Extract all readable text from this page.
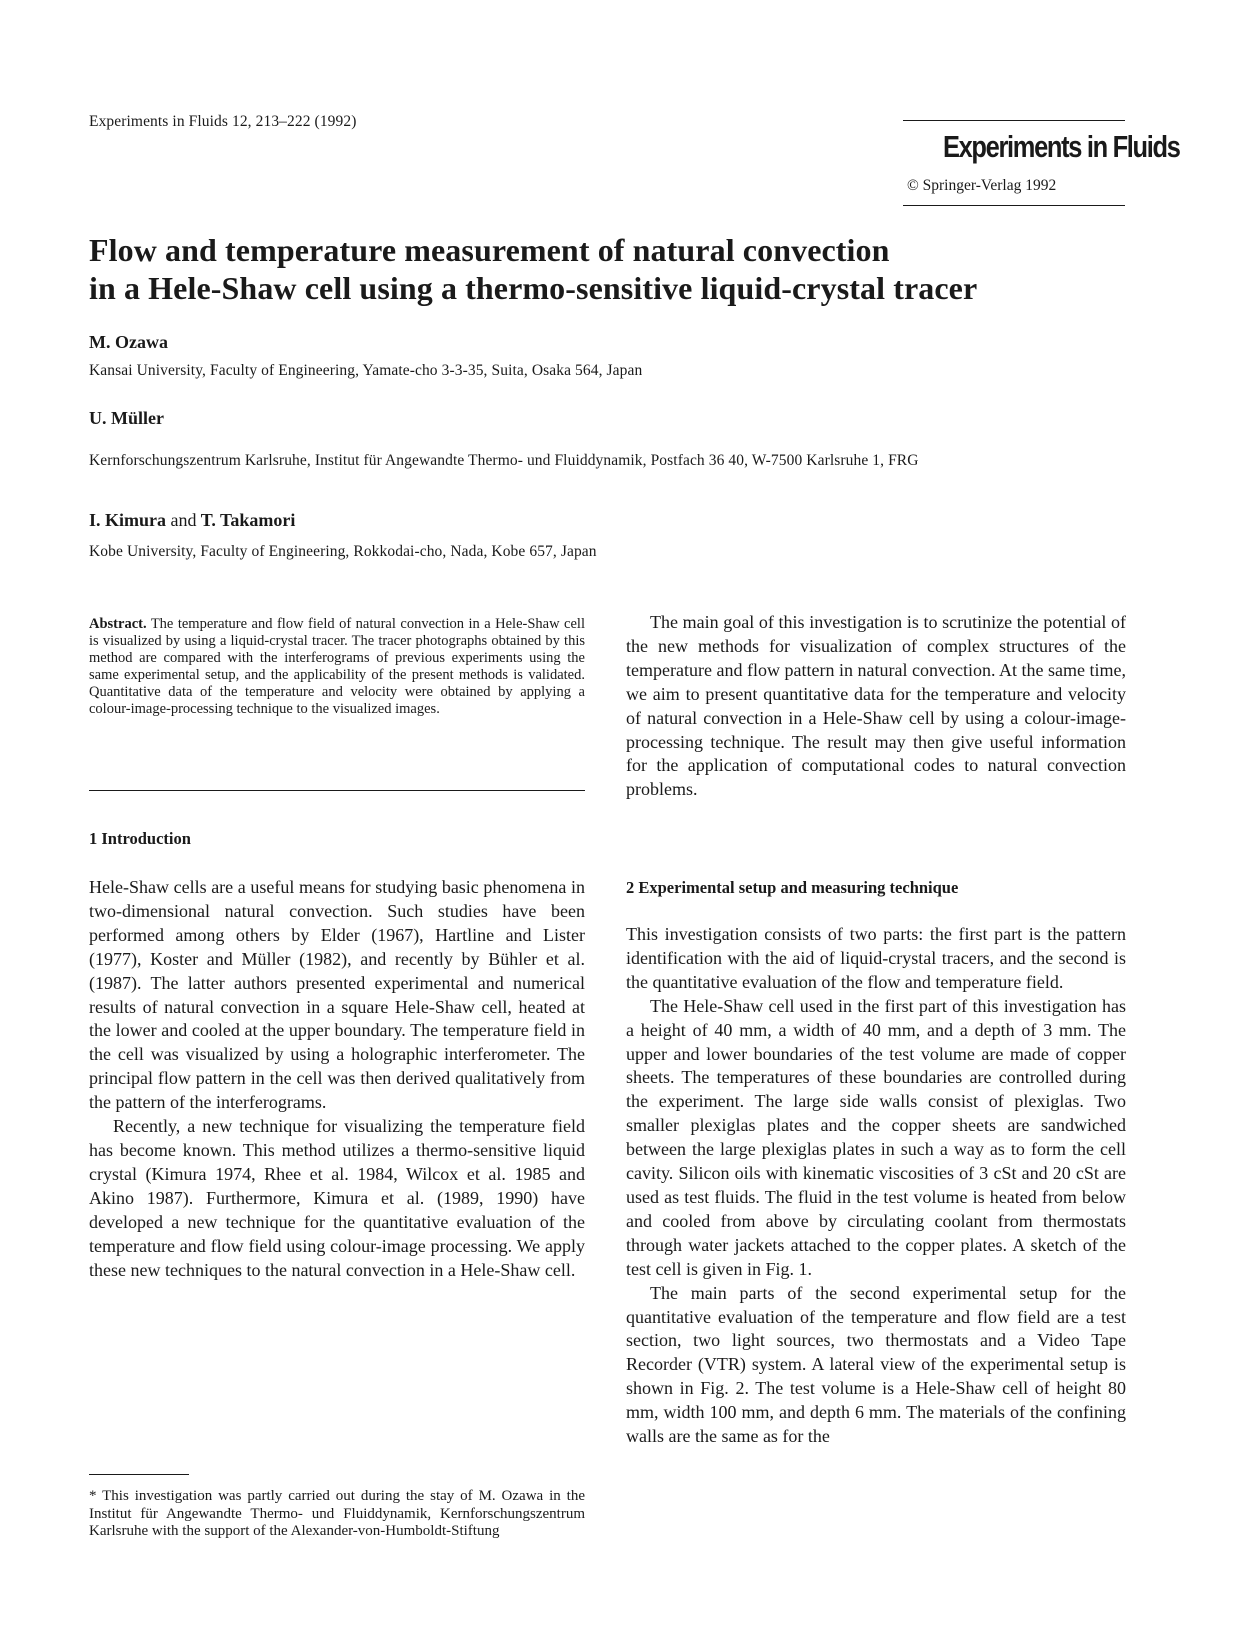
Experiments in Fluids 12, 213–222 (1992)
Experiments in Fluids
© Springer-Verlag 1992
Flow and temperature measurement of natural convection
in a Hele-Shaw cell using a thermo-sensitive liquid-crystal tracer
M. Ozawa
Kansai University, Faculty of Engineering, Yamate-cho 3-3-35, Suita, Osaka 564, Japan
U. Müller
Kernforschungszentrum Karlsruhe, Institut für Angewandte Thermo- und Fluiddynamik, Postfach 36 40, W-7500 Karlsruhe 1, FRG
I. Kimura and T. Takamori
Kobe University, Faculty of Engineering, Rokkodai-cho, Nada, Kobe 657, Japan
Abstract. The temperature and flow field of natural convection in a Hele-Shaw cell is visualized by using a liquid-crystal tracer. The tracer photographs obtained by this method are compared with the interferograms of previous experiments using the same experimental setup, and the applicability of the present methods is validated. Quantitative data of the temperature and velocity were obtained by applying a colour-image-processing technique to the visualized images.
1 Introduction

Hele-Shaw cells are a useful means for studying basic phenomena in two-dimensional natural convection. Such studies have been performed among others by Elder (1967), Hartline and Lister (1977), Koster and Müller (1982), and recently by Bühler et al. (1987). The latter authors presented experimental and numerical results of natural convection in a square Hele-Shaw cell, heated at the lower and cooled at the upper boundary. The temperature field in the cell was visualized by using a holographic interferometer. The principal flow pattern in the cell was then derived qualitatively from the pattern of the interferograms.

Recently, a new technique for visualizing the temperature field has become known. This method utilizes a thermo-sensitive liquid crystal (Kimura 1974, Rhee et al. 1984, Wilcox et al. 1985 and Akino 1987). Furthermore, Kimura et al. (1989, 1990) have developed a new technique for the quantitative evaluation of the temperature and flow field using colour-image processing. We apply these new techniques to the natural convection in a Hele-Shaw cell.

* This investigation was partly carried out during the stay of M. Ozawa in the Institut für Angewandte Thermo- und Fluiddynamik, Kernforschungszentrum Karlsruhe with the support of the Alexander-von-Humboldt-Stiftung

The main goal of this investigation is to scrutinize the potential of the new methods for visualization of complex structures of the temperature and flow pattern in natural convection. At the same time, we aim to present quantitative data for the temperature and velocity of natural convection in a Hele-Shaw cell by using a colour-image-processing technique. The result may then give useful information for the application of computational codes to natural convection problems.

2 Experimental setup and measuring technique

This investigation consists of two parts: the first part is the pattern identification with the aid of liquid-crystal tracers, and the second is the quantitative evaluation of the flow and temperature field.

The Hele-Shaw cell used in the first part of this investigation has a height of 40 mm, a width of 40 mm, and a depth of 3 mm. The upper and lower boundaries of the test volume are made of copper sheets. The temperatures of these boundaries are controlled during the experiment. The large side walls consist of plexiglas. Two smaller plexiglas plates and the copper sheets are sandwiched between the large plexiglas plates in such a way as to form the cell cavity. Silicon oils with kinematic viscosities of 3 cSt and 20 cSt are used as test fluids. The fluid in the test volume is heated from below and cooled from above by circulating coolant from thermostats through water jackets attached to the copper plates. A sketch of the test cell is given in Fig. 1.

The main parts of the second experimental setup for the quantitative evaluation of the temperature and flow field are a test section, two light sources, two thermostats and a Video Tape Recorder (VTR) system. A lateral view of the experimental setup is shown in Fig. 2. The test volume is a Hele-Shaw cell of height 80 mm, width 100 mm, and depth 6 mm. The materials of the confining walls are the same as for the
